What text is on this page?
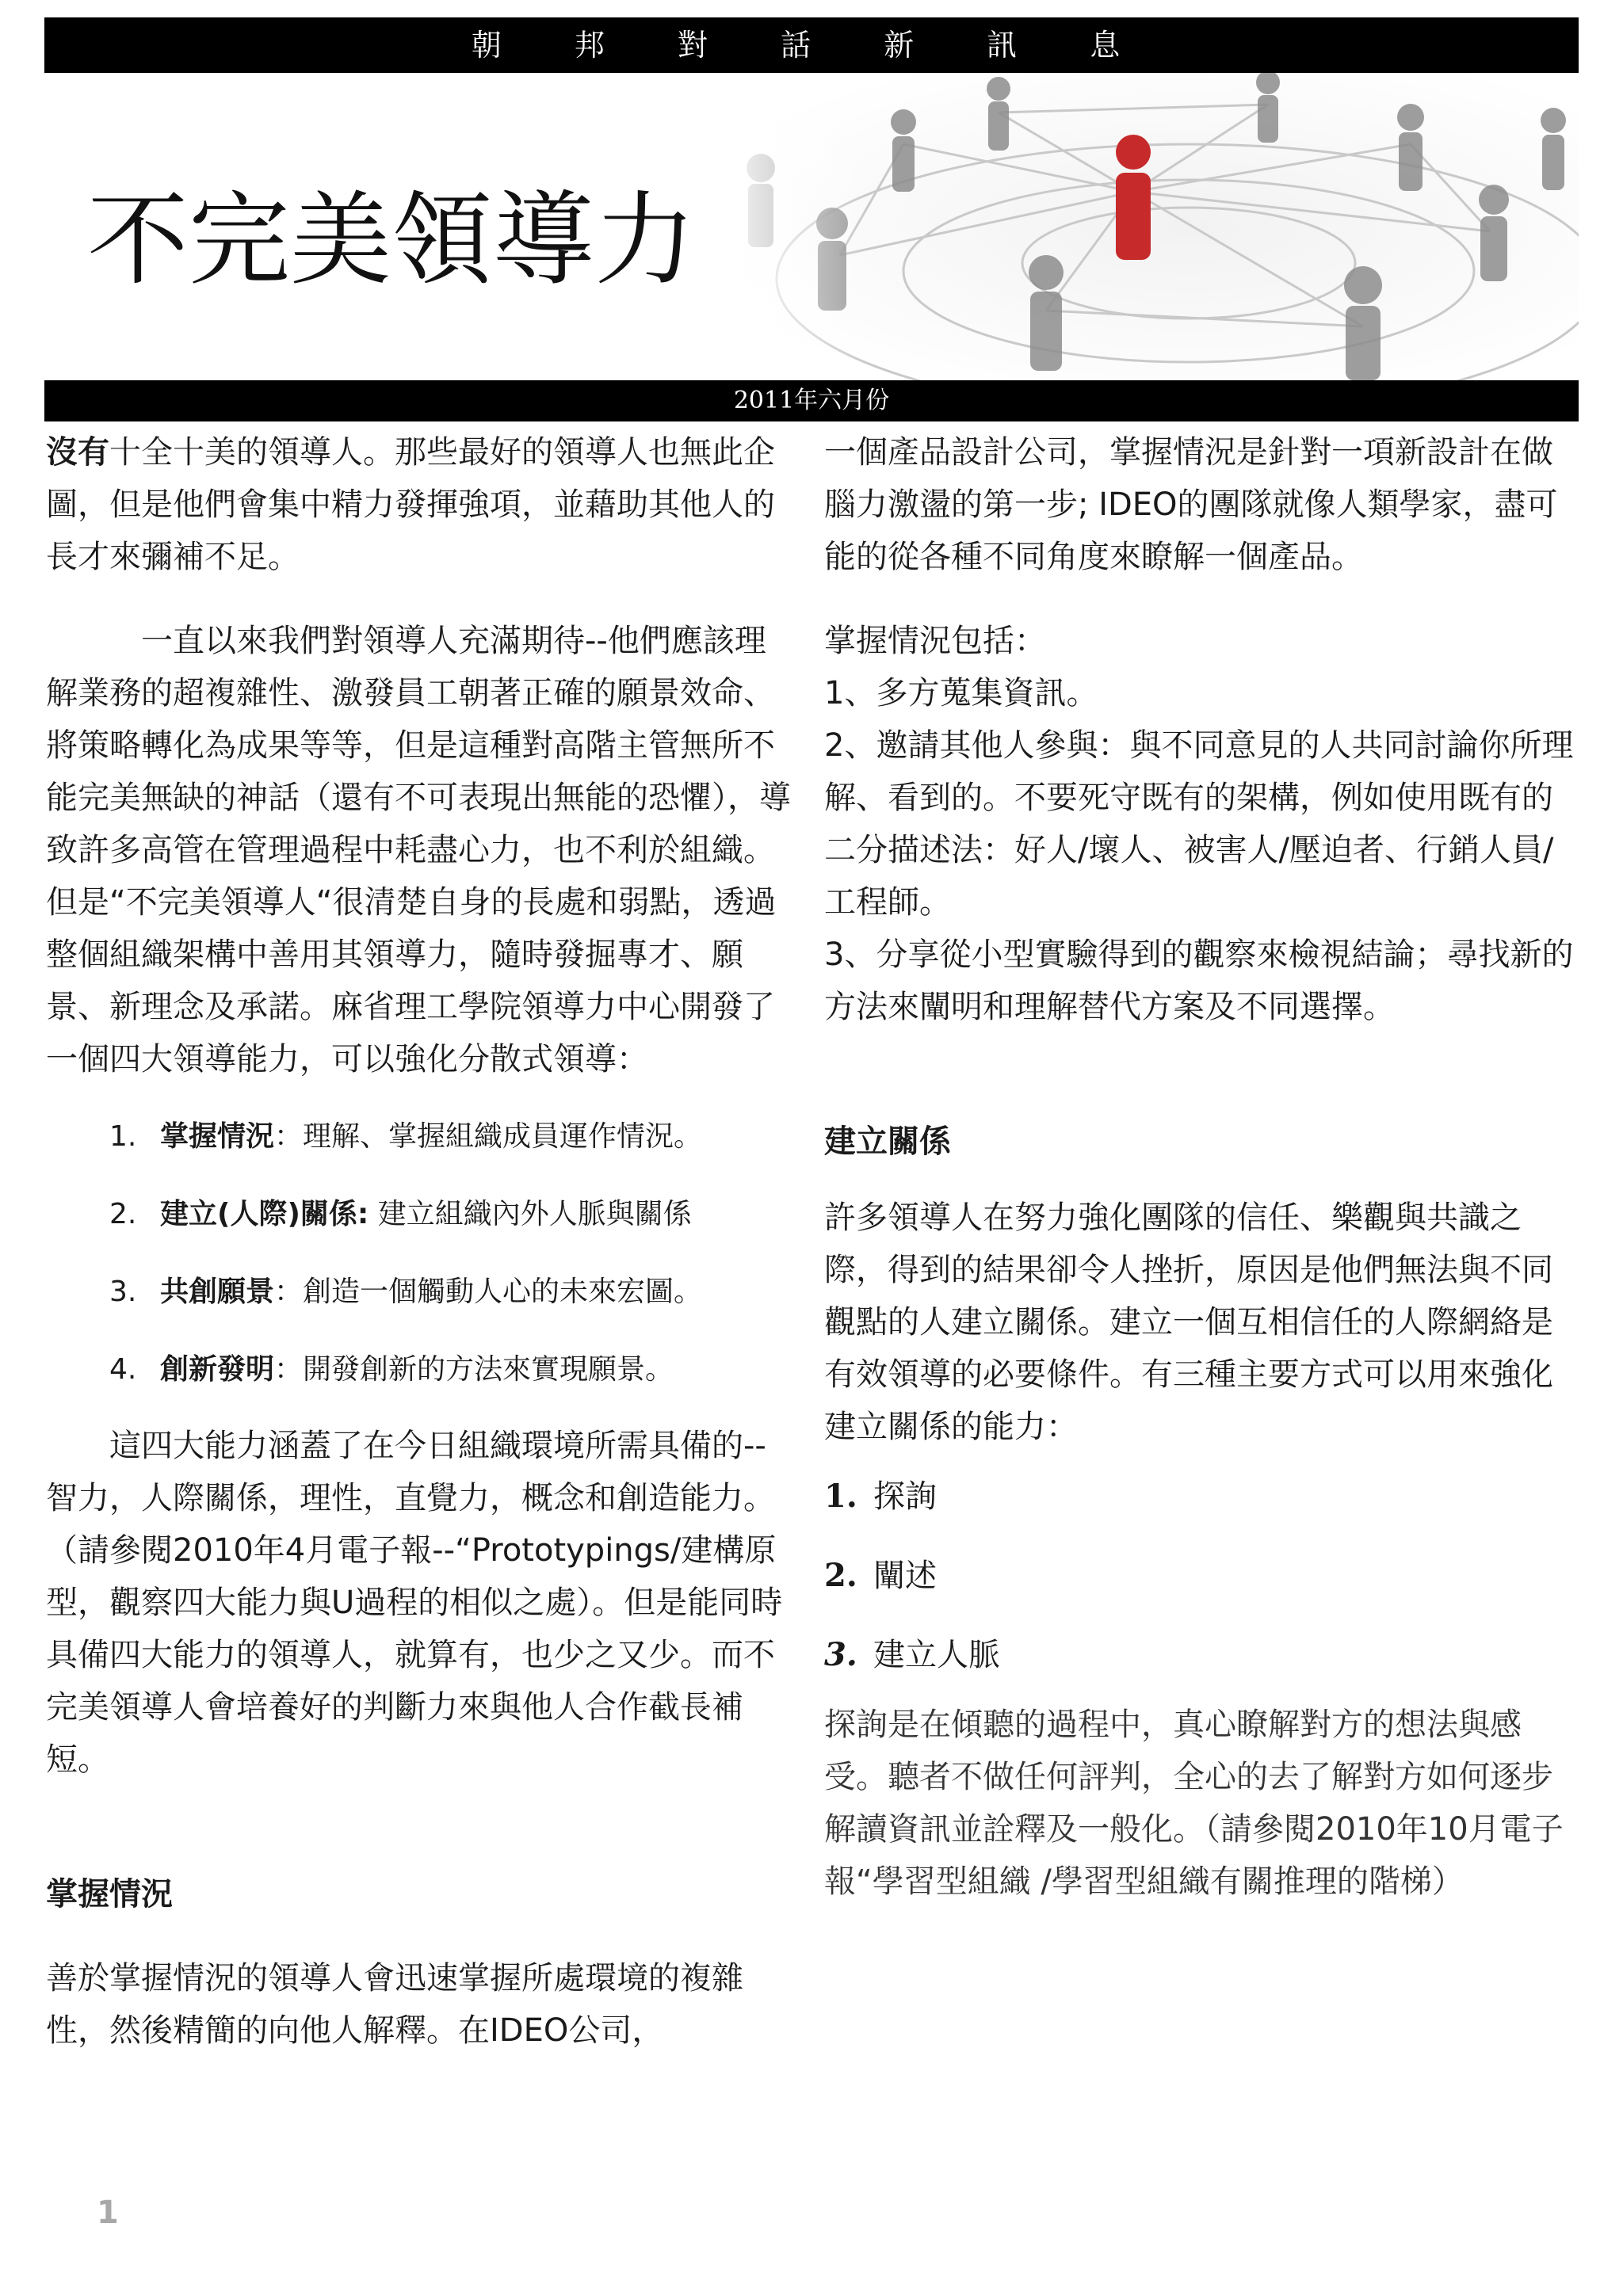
朝 邦 對 話 新 訊 息
不完美領導力
2011年六月份

沒有十全十美的領導人。那些最好的領導人也無此企圖，但是他們會集中精力發揮強項，並藉助其他人的長才來彌補不足。

一直以來我們對領導人充滿期待--他們應該理解業務的超複雜性、激發員工朝著正確的願景效命、將策略轉化為成果等等，但是這種對高階主管無所不能完美無缺的神話（還有不可表現出無能的恐懼），導致許多高管在管理過程中耗盡心力，也不利於組織。 但是“不完美領導人“很清楚自身的長處和弱點，透過整個組織架構中善用其領導力，隨時發掘專才、願景、新理念及承諾。麻省理工學院領導力中心開發了一個四大領導能力，可以強化分散式領導：

1. 掌握情況：理解、掌握組織成員運作情況。
2. 建立(人際)關係: 建立組織內外人脈與關係
3. 共創願景：創造一個觸動人心的未來宏圖。
4. 創新發明：開發創新的方法來實現願景。

這四大能力涵蓋了在今日組織環境所需具備的--智力，人際關係，理性，直覺力，概念和創造能力。（請參閱2010年4月電子報--“Prototypings/建構原型，觀察四大能力與U過程的相似之處）。但是能同時具備四大能力的領導人，就算有，也少之又少。而不完美領導人會培養好的判斷力來與他人合作截長補短。

掌握情況

善於掌握情況的領導人會迅速掌握所處環境的複雜性，然後精簡的向他人解釋。在IDEO公司，

一個產品設計公司，掌握情況是針對一項新設計在做腦力激盪的第一步; IDEO的團隊就像人類學家，盡可能的從各種不同角度來瞭解一個產品。

掌握情況包括：

1、多方蒐集資訊。

2、邀請其他人參與：與不同意見的人共同討論你所理解、看到的。不要死守既有的架構，例如使用既有的二分描述法：好人/壞人、被害人/壓迫者、行銷人員/工程師。

3、分享從小型實驗得到的觀察來檢視結論；尋找新的方法來闡明和理解替代方案及不同選擇。

建立關係

許多領導人在努力強化團隊的信任、樂觀與共識之際，得到的結果卻令人挫折，原因是他們無法與不同觀點的人建立關係。建立一個互相信任的人際網絡是有效領導的必要條件。有三種主要方式可以用來強化建立關係的能力：

1. 探詢
2. 闡述
3. 建立人脈

探詢是在傾聽的過程中，真心瞭解對方的想法與感受。聽者不做任何評判，全心的去了解對方如何逐步解讀資訊並詮釋及一般化。（請參閱2010年10月電子報“學習型組織 /學習型組織有關推理的階梯）

1
